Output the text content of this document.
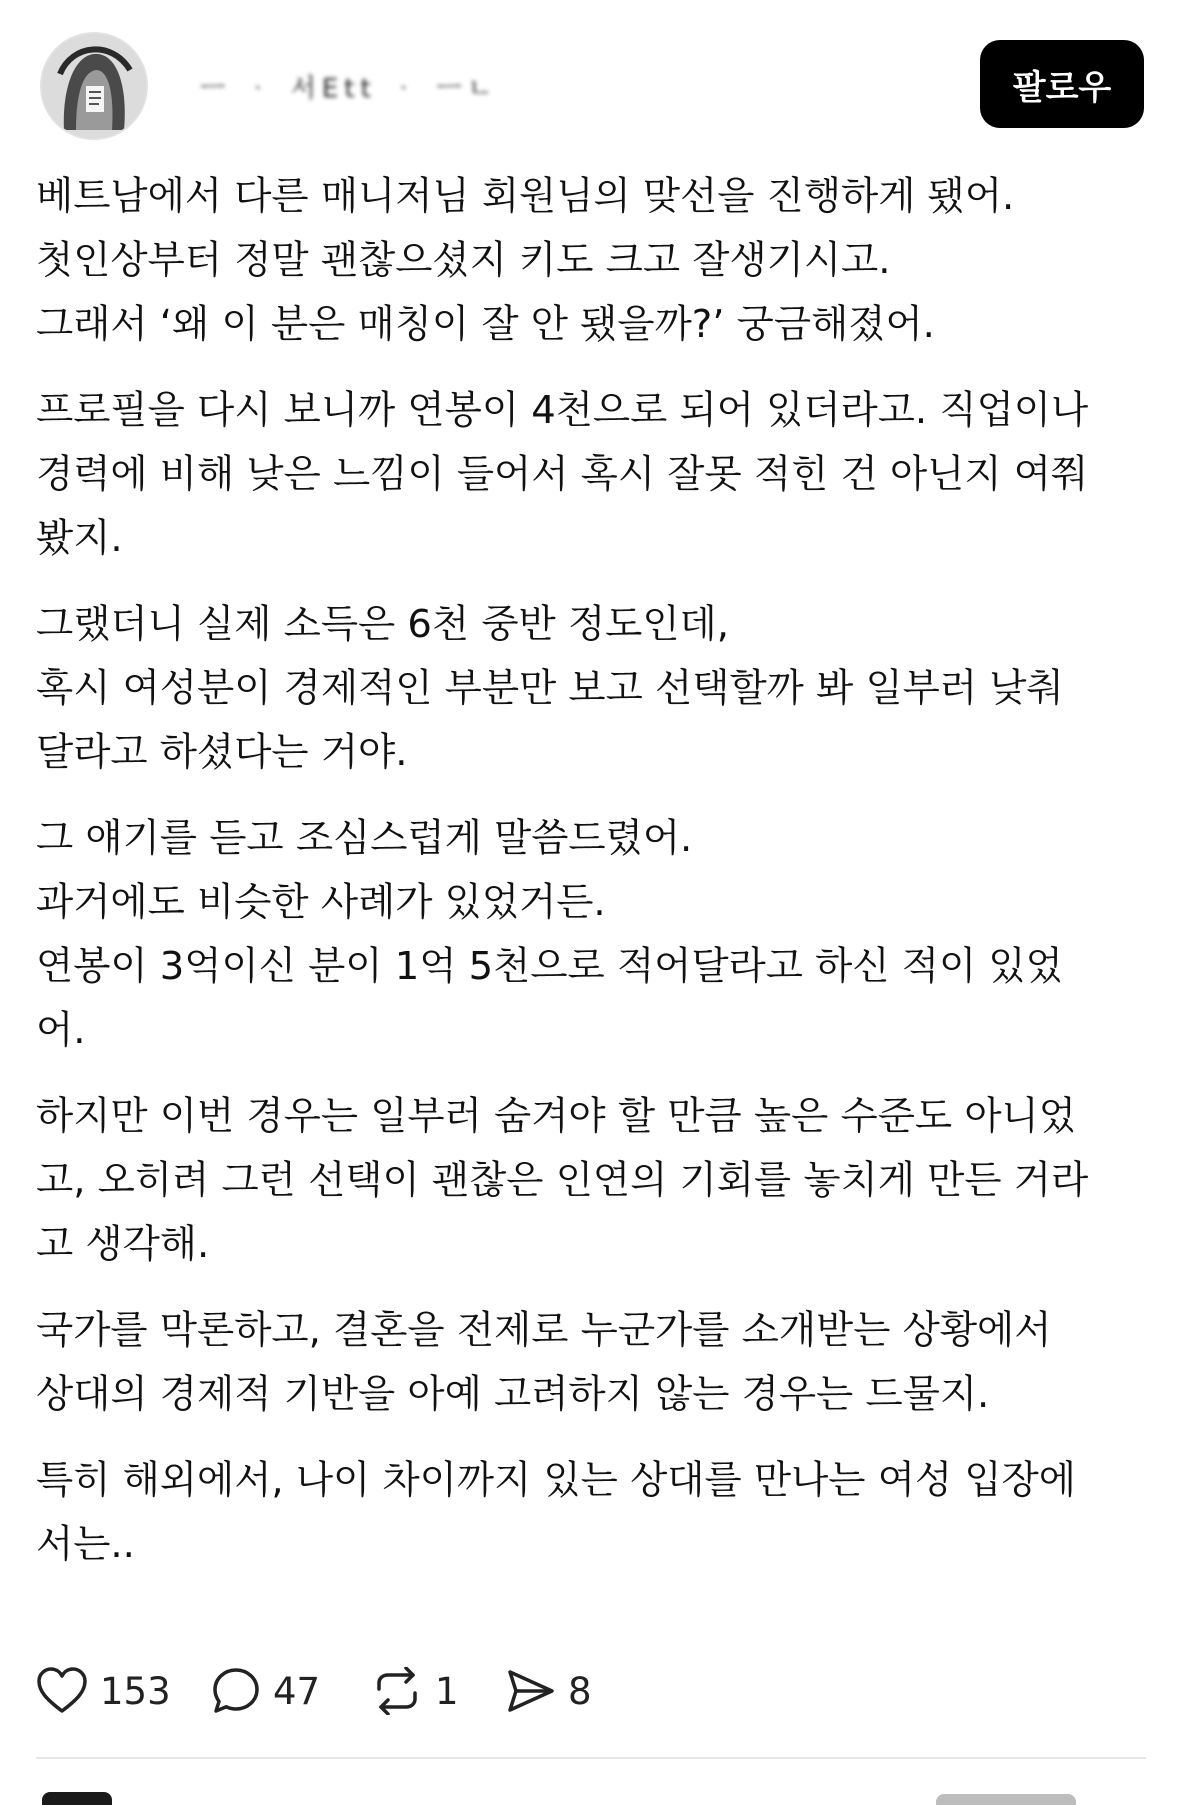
ㅡ ᆞ 서Ett ᆞ ㅡㄴ	팔로우
베트남에서 다른 매니저님 회원님의 맞선을 진행하게 됐어.
첫인상부터 정말 괜찮으셨지 키도 크고 잘생기시고.
그래서 ‘왜 이 분은 매칭이 잘 안 됐을까?’ 궁금해졌어.
프로필을 다시 보니까 연봉이 4천으로 되어 있더라고. 직업이나
경력에 비해 낮은 느낌이 들어서 혹시 잘못 적힌 건 아닌지 여쭤
봤지.
그랬더니 실제 소득은 6천 중반 정도인데,
혹시 여성분이 경제적인 부분만 보고 선택할까 봐 일부러 낮춰
달라고 하셨다는 거야.
그 얘기를 듣고 조심스럽게 말씀드렸어.
과거에도 비슷한 사례가 있었거든.
연봉이 3억이신 분이 1억 5천으로 적어달라고 하신 적이 있었
어.
하지만 이번 경우는 일부러 숨겨야 할 만큼 높은 수준도 아니었
고, 오히려 그런 선택이 괜찮은 인연의 기회를 놓치게 만든 거라
고 생각해.
국가를 막론하고, 결혼을 전제로 누군가를 소개받는 상황에서
상대의 경제적 기반을 아예 고려하지 않는 경우는 드물지.
특히 해외에서, 나이 차이까지 있는 상대를 만나는 여성 입장에
서는..
153	47	1	8
